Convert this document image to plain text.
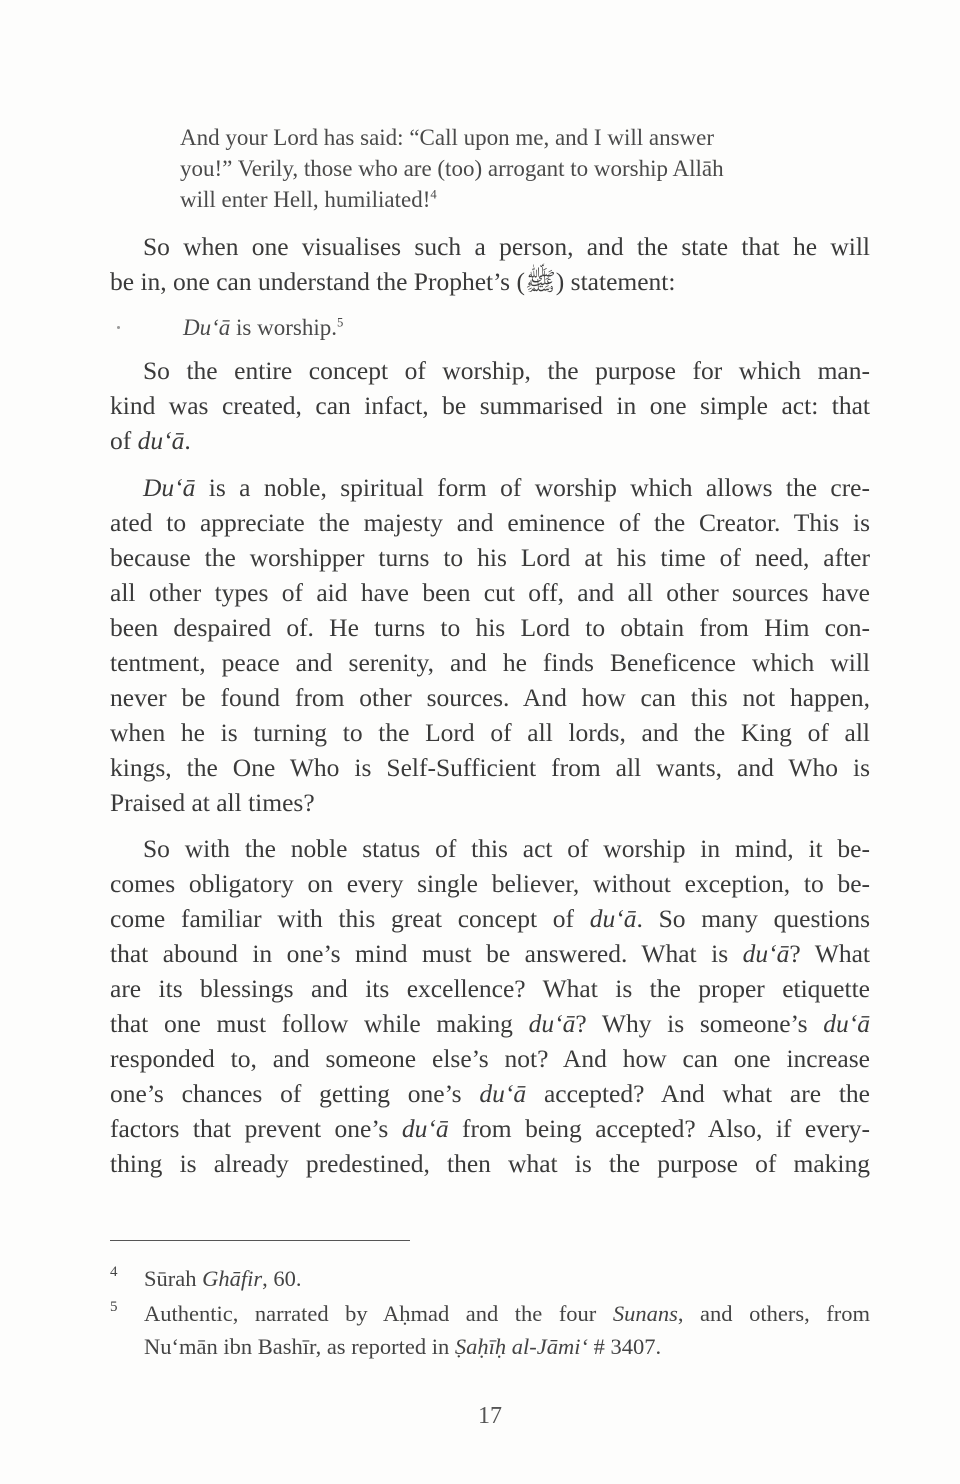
And your Lord has said: “Call upon me, and I will answer
you!” Verily, those who are (too) arrogant to worship Allāh
will enter Hell, humiliated!$^4$
So when one visualises such a person, and the state that he will
be in, one can understand the Prophet’s (ﷺ) statement:
Du‘ā is worship.$^5$
So the entire concept of worship, the purpose for which man-
kind was created, can infact, be summarised in one simple act: that
of du‘ā.
Du‘ā is a noble, spiritual form of worship which allows the cre-
ated to appreciate the majesty and eminence of the Creator. This is
because the worshipper turns to his Lord at his time of need, after
all other types of aid have been cut off, and all other sources have
been despaired of. He turns to his Lord to obtain from Him con-
tentment, peace and serenity, and he finds Beneficence which will
never be found from other sources. And how can this not happen,
when he is turning to the Lord of all lords, and the King of all
kings, the One Who is Self-Sufficient from all wants, and Who is
Praised at all times?
So with the noble status of this act of worship in mind, it be-
comes obligatory on every single believer, without exception, to be-
come familiar with this great concept of du‘ā. So many questions
that abound in one’s mind must be answered. What is du‘ā? What
are its blessings and its excellence? What is the proper etiquette
that one must follow while making du‘ā? Why is someone’s du‘ā
responded to, and someone else’s not? And how can one increase
one’s chances of getting one’s du‘ā accepted? And what are the
factors that prevent one’s du‘ā from being accepted? Also, if every-
thing is already predestined, then what is the purpose of making
4 Sūrah Ghāfir, 60.
5 Authentic, narrated by Aḥmad and the four Sunans, and others, from
Nu‘mān ibn Bashīr, as reported in Ṣaḥīḥ al-Jāmi‘ # 3407.
17
